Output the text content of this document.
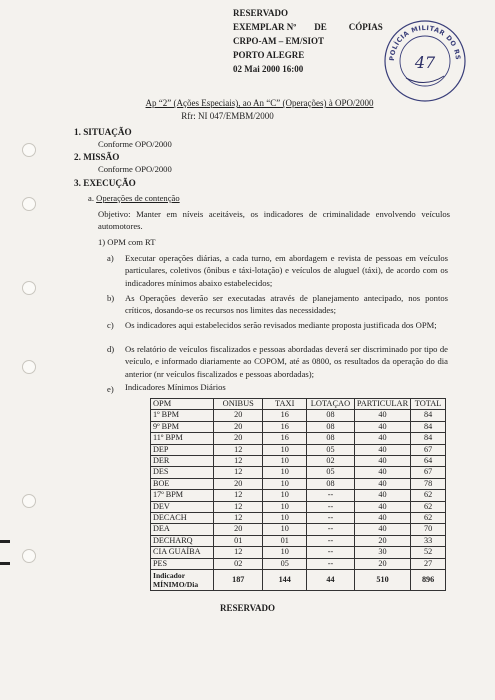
RESERVADO
EXEMPLAR Nº DE CÓPIAS
CRPO-AM – EM/SIOT
PORTO ALEGRE
02 Mai 2000 16:00
POLÍCIA MILITAR DO RS
47
Ap “2” (Ações Especiais), ao An “C” (Operações) à OPO/2000
Rfr: NI 047/EMBM/2000
1. SITUAÇÃO
Conforme OPO/2000
2. MISSÃO
Conforme OPO/2000
3. EXECUÇÃO
a. Operações de contenção
Objetivo: Manter em níveis aceitáveis, os indicadores de criminalidade envolvendo veículos automotores.
1) OPM com RT
a) Executar operações diárias, a cada turno, em abordagem e revista de pessoas em veículos particulares, coletivos (ônibus e táxi-lotação) e veículos de aluguel (táxi), de acordo com os indicadores mínimos abaixo estabelecidos;
b) As Operações deverão ser executadas através de planejamento antecipado, nos pontos críticos, dosando-se os recursos nos limites das necessidades;
c) Os indicadores aqui estabelecidos serão revisados mediante proposta justificada dos OPM;
d) Os relatório de veículos fiscalizados e pessoas abordadas deverá ser discriminado por tipo de veículo, e informado diariamente ao COPOM, até as 0800, os resultados da operação do dia anterior (nr veículos fiscalizados e pessoas abordadas);
e) Indicadores Mínimos Diários
OPM	ONIBUS	TAXI	LOTAÇAO	PARTICULAR	TOTAL
1º BPM	20	16	08	40	84
9º BPM	20	16	08	40	84
11º BPM	20	16	08	40	84
DEP	12	10	05	40	67
DER	12	10	02	40	64
DES	12	10	05	40	67
BOE	20	10	08	40	78
17º BPM	12	10	--	40	62
DEV	12	10	--	40	62
DECACH	12	10	--	40	62
DEA	20	10	--	40	70
DECHARQ	01	01	--	20	33
CIA GUAÍBA	12	10	--	30	52
PES	02	05	--	20	27
Indicador MÍNIMO/Dia	187	144	44	510	896
RESERVADO
